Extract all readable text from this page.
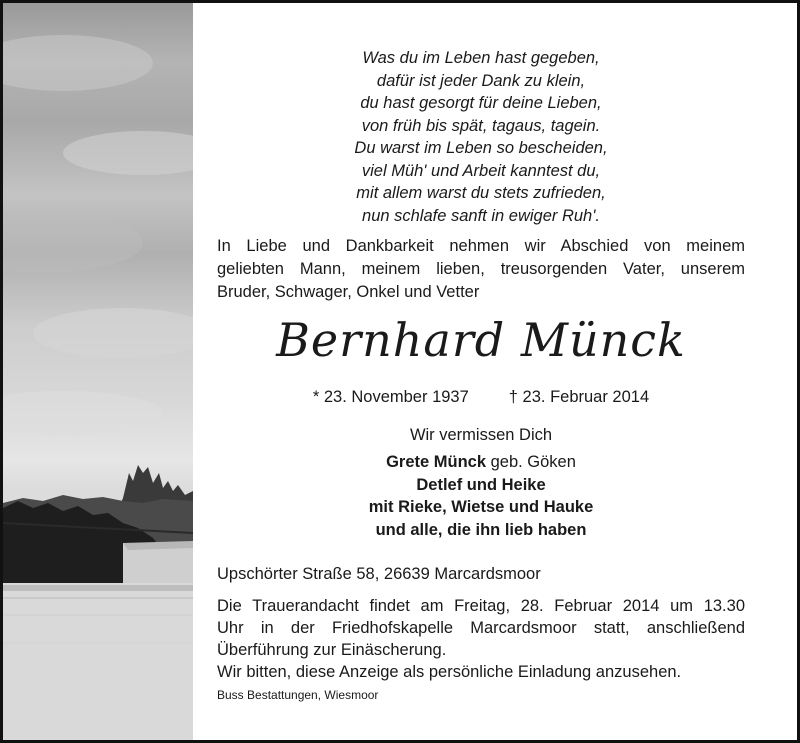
Was du im Leben hast gegeben,
dafür ist jeder Dank zu klein,
du hast gesorgt für deine Lieben,
von früh bis spät, tagaus, tagein.
Du warst im Leben so bescheiden,
viel Müh' und Arbeit kanntest du,
mit allem warst du stets zufrieden,
nun schlafe sanft in ewiger Ruh'.
In Liebe und Dankbarkeit nehmen wir Abschied von meinem
geliebten Mann, meinem lieben, treusorgenden Vater, unserem
Bruder, Schwager, Onkel und Vetter
Bernhard Münck
* 23. November 1937 † 23. Februar 2014
Wir vermissen Dich
Grete Münck geb. Göken
Detlef und Heike
mit Rieke, Wietse und Hauke
und alle, die ihn lieb haben
Upschörter Straße 58, 26639 Marcardsmoor
Die Trauerandacht findet am Freitag, 28. Februar 2014 um 13.30
Uhr in der Friedhofskapelle Marcardsmoor statt, anschließend
Überführung zur Einäscherung.
Wir bitten, diese Anzeige als persönliche Einladung anzusehen.
Buss Bestattungen, Wiesmoor
